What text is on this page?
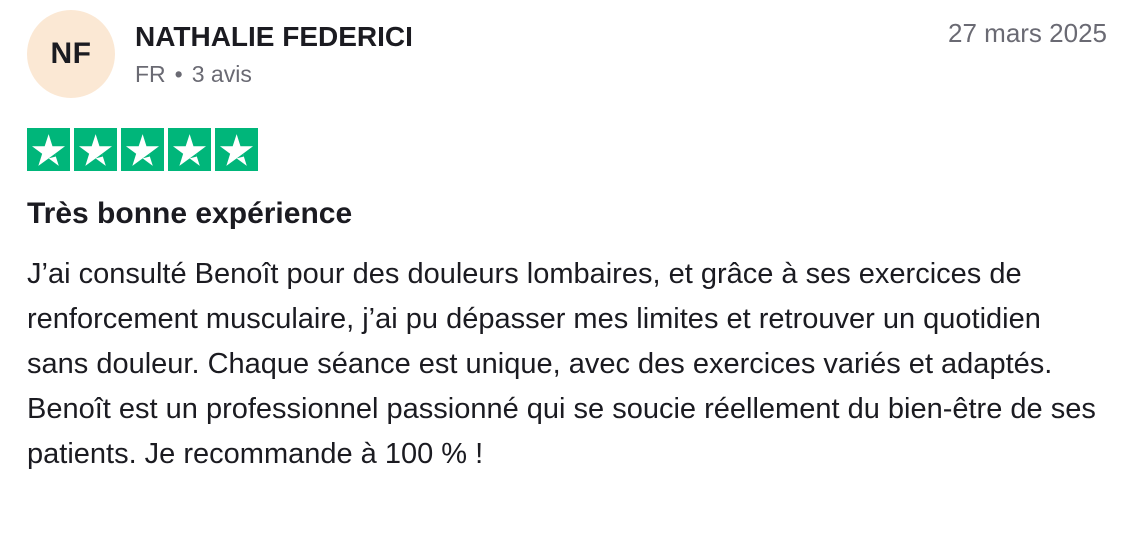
NF
NATHALIE FEDERICI
FR • 3 avis
27 mars 2025
Très bonne expérience

J’ai consulté Benoît pour des douleurs lombaires, et grâce à ses exercices de renforcement musculaire, j’ai pu dépasser mes limites et retrouver un quotidien sans douleur. Chaque séance est unique, avec des exercices variés et adaptés. Benoît est un professionnel passionné qui se soucie réellement du bien-être de ses patients. Je recommande à 100 % !
